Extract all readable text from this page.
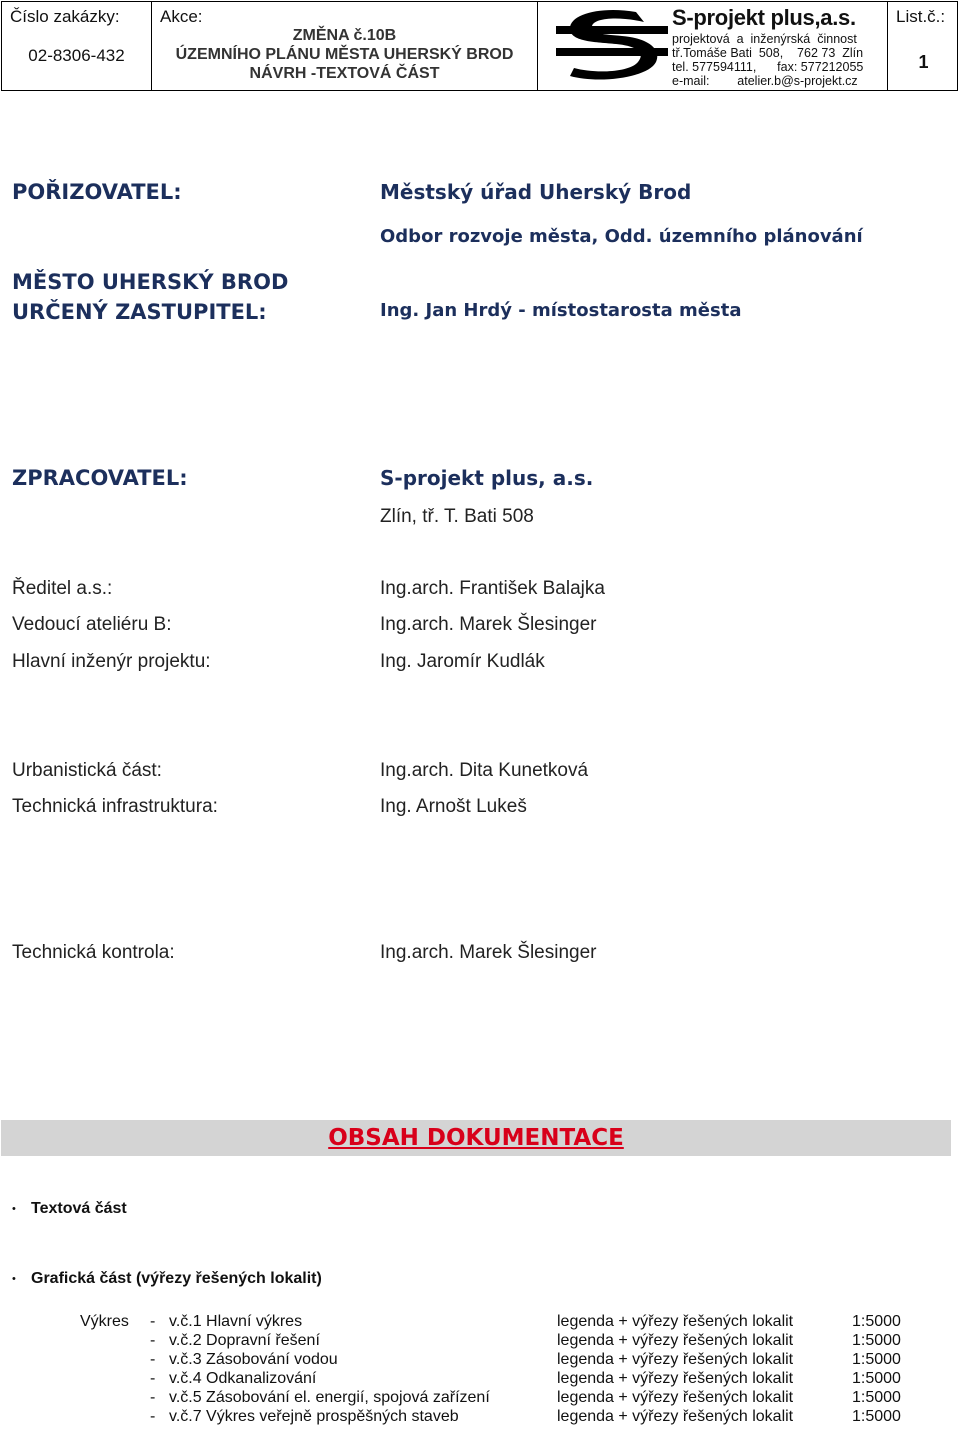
Číslo zakázky:
02-8306-432
Akce:
ZMĚNA č.10B
ÚZEMNÍHO PLÁNU MĚSTA UHERSKÝ BROD
NÁVRH -TEXTOVÁ ČÁST
S-projekt plus,a.s.
projektová  a  inženýrská  činnost
tř.Tomáše Bati  508,    762 73  Zlín
tel. 577594111,      fax: 577212055
e-mail:        atelier.b@s-projekt.cz
List.č.:
1
POŘIZOVATEL:	Městský úřad Uherský Brod
Odbor rozvoje města, Odd. územního plánování
MĚSTO UHERSKÝ BROD
URČENÝ ZASTUPITEL:	Ing. Jan Hrdý - místostarosta města
ZPRACOVATEL:	S-projekt plus, a.s.
Zlín, tř. T. Bati 508
Ředitel a.s.:	Ing.arch. František Balajka
Vedoucí ateliéru B:	Ing.arch. Marek Šlesinger
Hlavní inženýr projektu:	Ing. Jaromír Kudlák
Urbanistická část:	Ing.arch. Dita Kunetková
Technická infrastruktura:	Ing. Arnošt Lukeš
Technická kontrola:	Ing.arch. Marek Šlesinger
OBSAH DOKUMENTACE
• Textová část
• Grafická část (výřezy řešených lokalit)
Výkres - v.č.1 Hlavní výkres	legenda + výřezy řešených lokalit	1:5000
- v.č.2 Dopravní řešení	legenda + výřezy řešených lokalit	1:5000
- v.č.3 Zásobování vodou	legenda + výřezy řešených lokalit	1:5000
- v.č.4 Odkanalizování	legenda + výřezy řešených lokalit	1:5000
- v.č.5 Zásobování el. energií, spojová zařízení	legenda + výřezy řešených lokalit	1:5000
- v.č.7 Výkres veřejně prospěšných staveb	legenda + výřezy řešených lokalit	1:5000
